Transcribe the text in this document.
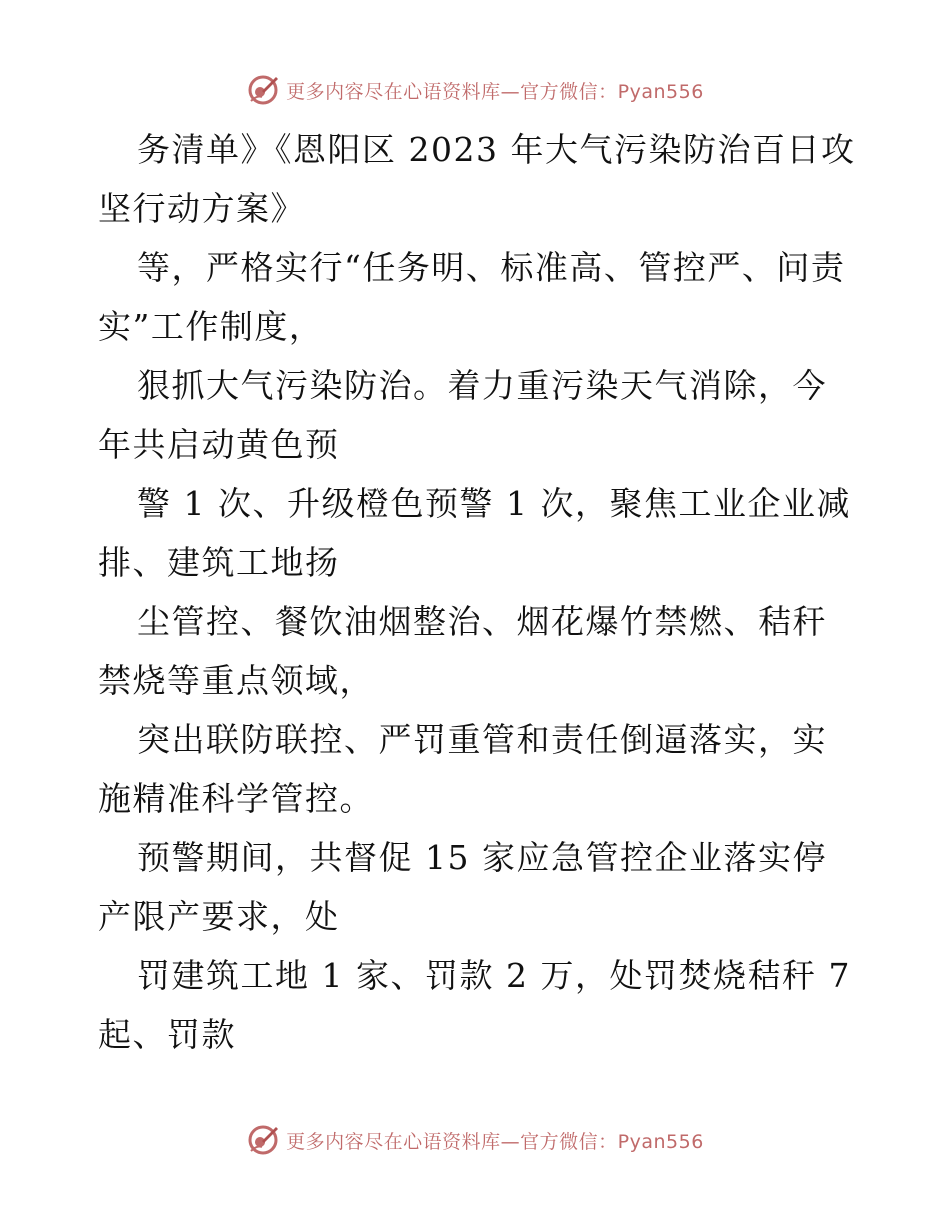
更多内容尽在心语资料库—官方微信：Pyan556

务清单》《恩阳区 2023 年大气污染防治百日攻坚行动方案》

等，严格实行“任务明、标准高、管控严、问责实”工作制度，

狠抓大气污染防治。着力重污染天气消除，今年共启动黄色预

警 1 次、升级橙色预警 1 次，聚焦工业企业减排、建筑工地扬

尘管控、餐饮油烟整治、烟花爆竹禁燃、秸秆禁烧等重点领域，

突出联防联控、严罚重管和责任倒逼落实，实施精准科学管控。

预警期间，共督促 15 家应急管控企业落实停产限产要求，处

罚建筑工地 1 家、罚款 2 万，处罚焚烧秸秆 7 起、罚款

更多内容尽在心语资料库—官方微信：Pyan556
